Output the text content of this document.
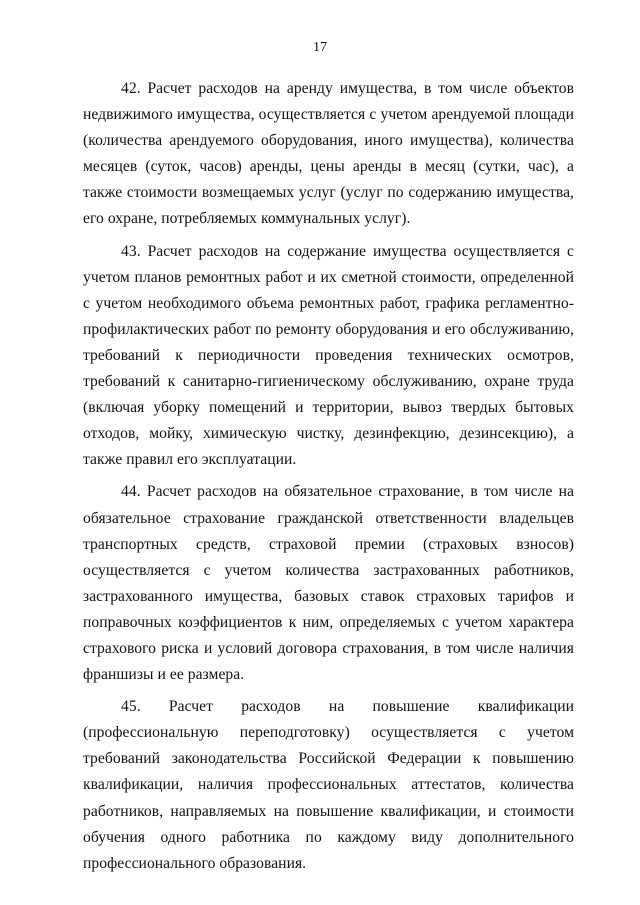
17

42. Расчет расходов на аренду имущества, в том числе объектов недвижимого имущества, осуществляется с учетом арендуемой площади (количества арендуемого оборудования, иного имущества), количества месяцев (суток, часов) аренды, цены аренды в месяц (сутки, час), а также стоимости возмещаемых услуг (услуг по содержанию имущества, его охране, потребляемых коммунальных услуг).

43. Расчет расходов на содержание имущества осуществляется с учетом планов ремонтных работ и их сметной стоимости, определенной с учетом необходимого объема ремонтных работ, графика регламентно-профилактических работ по ремонту оборудования и его обслуживанию, требований к периодичности проведения технических осмотров, требований к санитарно-гигиеническому обслуживанию, охране труда (включая уборку помещений и территории, вывоз твердых бытовых отходов, мойку, химическую чистку, дезинфекцию, дезинсекцию), а также правил его эксплуатации.

44. Расчет расходов на обязательное страхование, в том числе на обязательное страхование гражданской ответственности владельцев транспортных средств, страховой премии (страховых взносов) осуществляется с учетом количества застрахованных работников, застрахованного имущества, базовых ставок страховых тарифов и поправочных коэффициентов к ним, определяемых с учетом характера страхового риска и условий договора страхования, в том числе наличия франшизы и ее размера.

45. Расчет расходов на повышение квалификации (профессиональную переподготовку) осуществляется с учетом требований законодательства Российской Федерации к повышению квалификации, наличия профессиональных аттестатов, количества работников, направляемых на повышение квалификации, и стоимости обучения одного работника по каждому виду дополнительного профессионального образования.
